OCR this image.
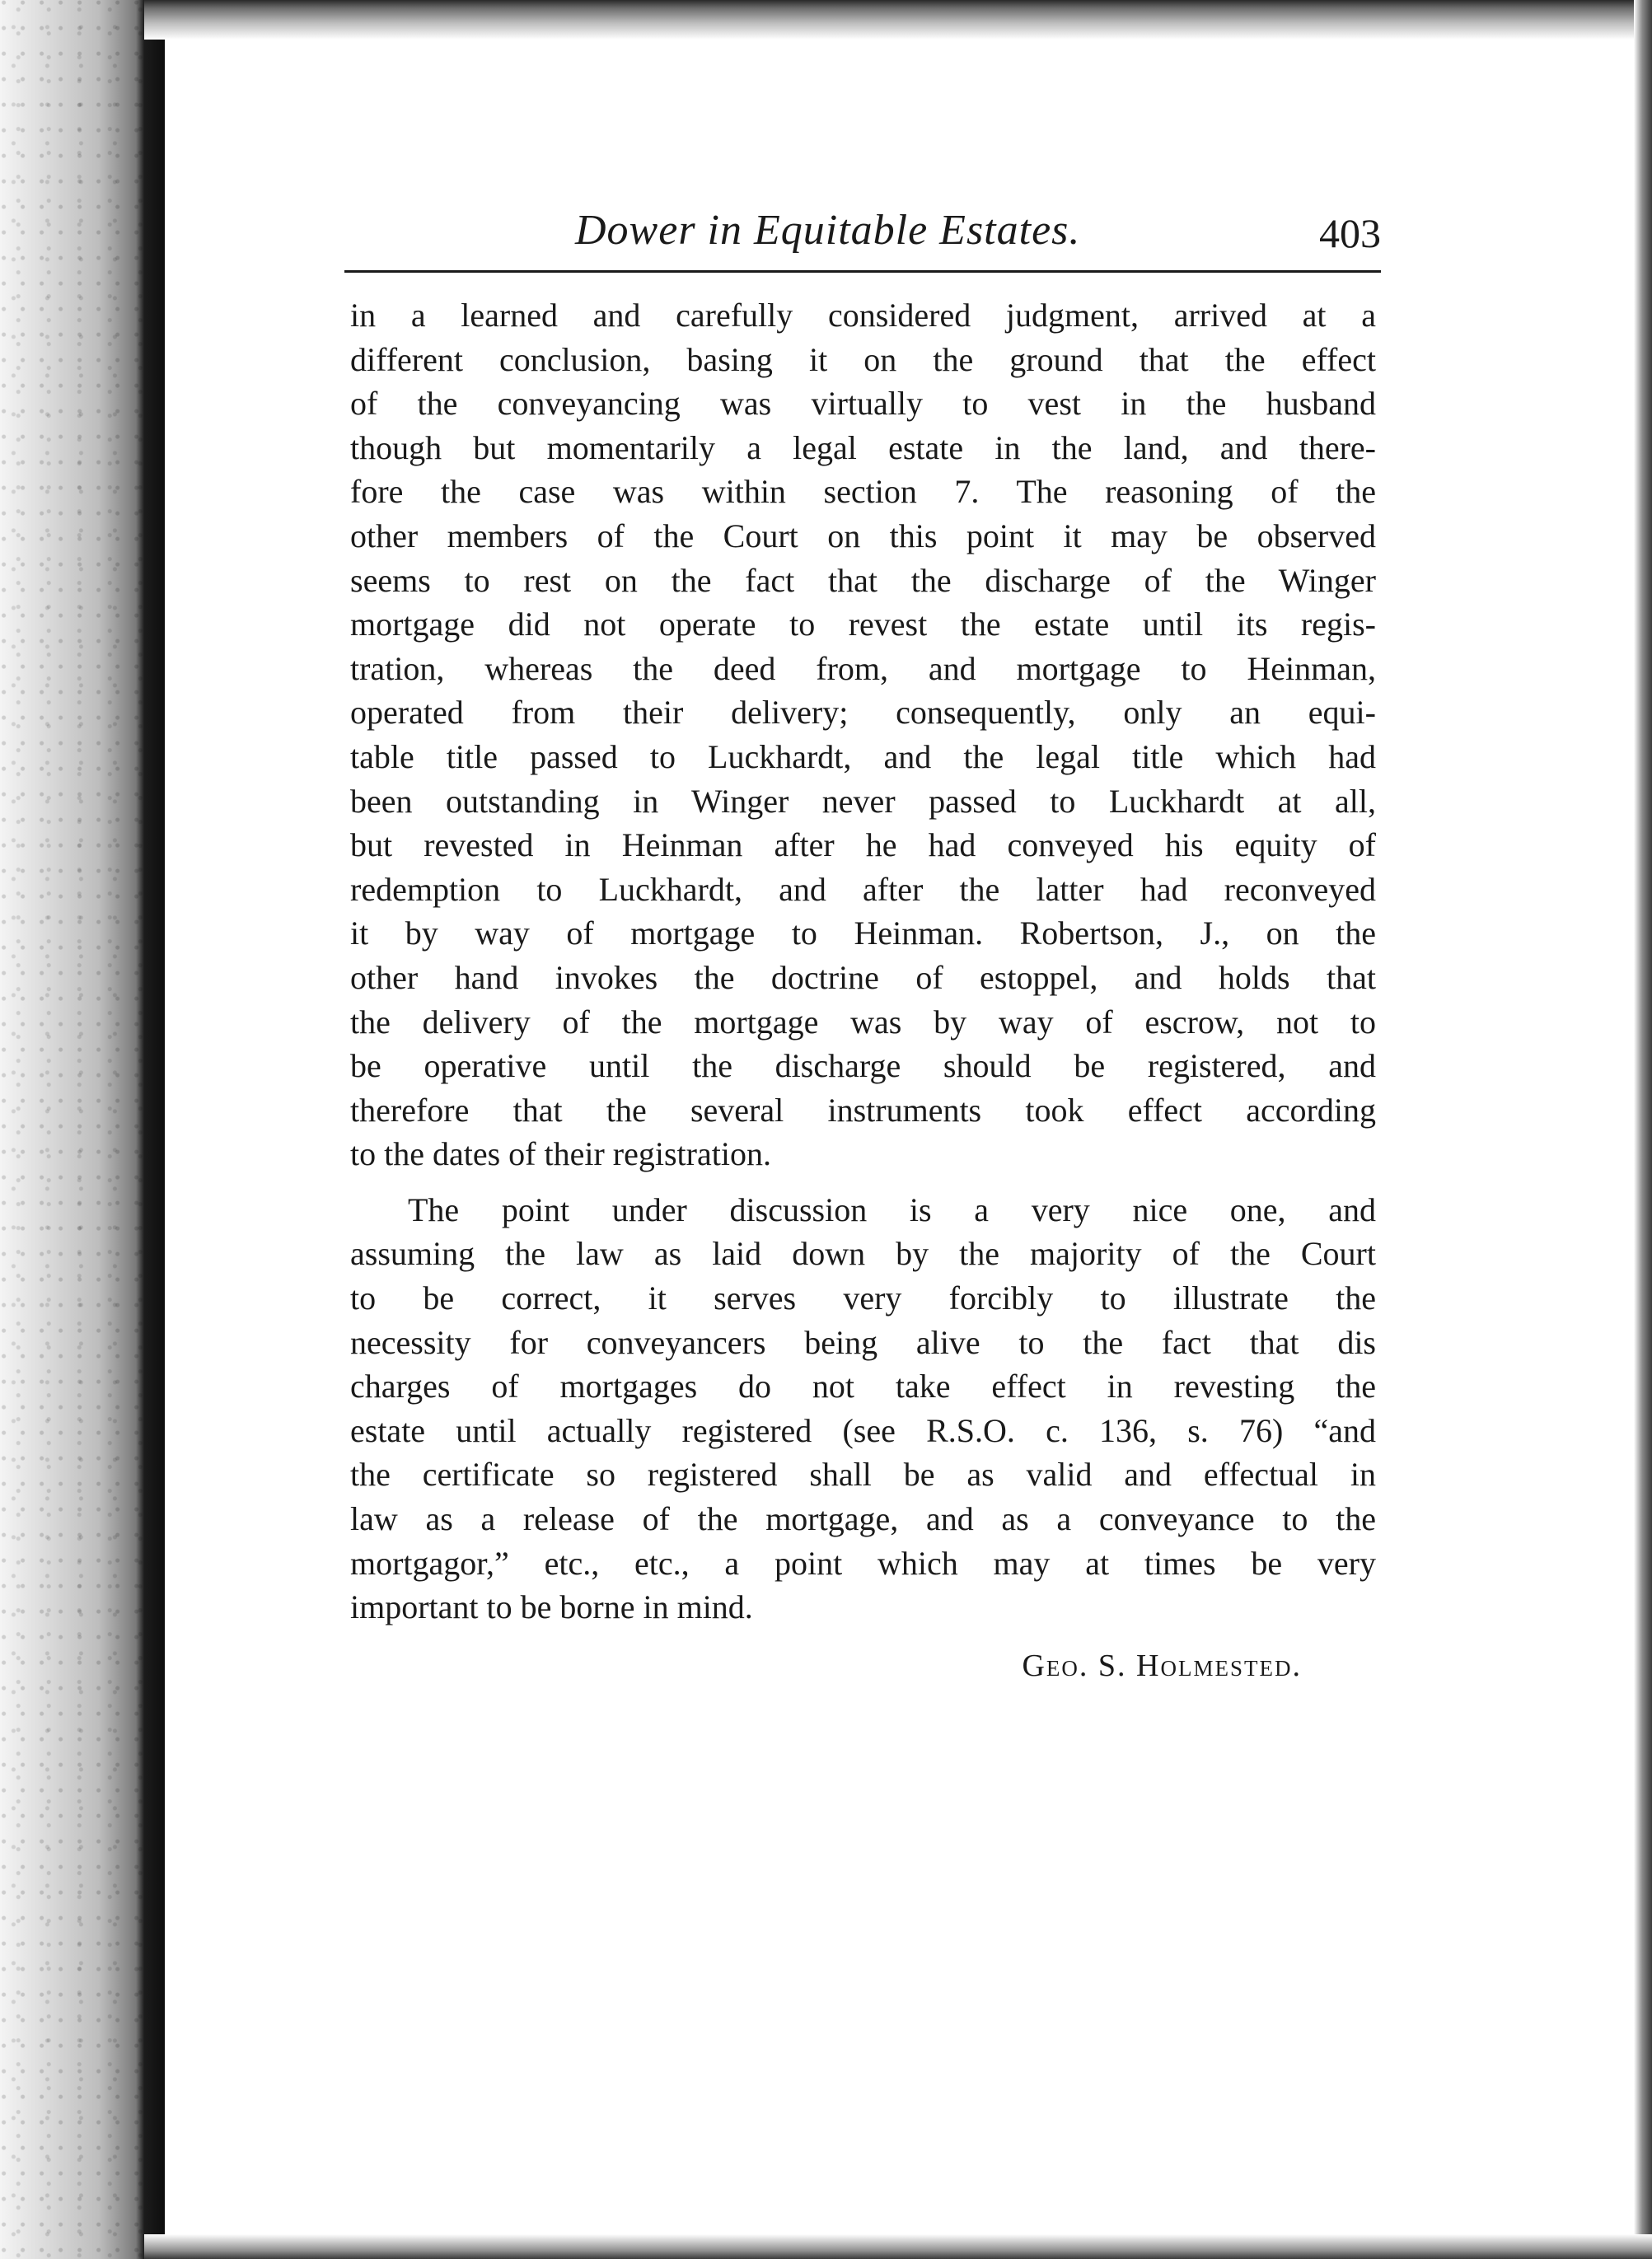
Dower in Equitable Estates.	403
in a learned and carefully considered judgment, arrived at a
different conclusion, basing it on the ground that the effect
of the conveyancing was virtually to vest in the husband
though but momentarily a legal estate in the land, and there-
fore the case was within section 7. The reasoning of the
other members of the Court on this point it may be observed
seems to rest on the fact that the discharge of the Winger
mortgage did not operate to revest the estate until its regis-
tration, whereas the deed from, and mortgage to Heinman,
operated from their delivery; consequently, only an equi-
table title passed to Luckhardt, and the legal title which had
been outstanding in Winger never passed to Luckhardt at all,
but revested in Heinman after he had conveyed his equity of
redemption to Luckhardt, and after the latter had reconveyed
it by way of mortgage to Heinman. Robertson, J., on the
other hand invokes the doctrine of estoppel, and holds that
the delivery of the mortgage was by way of escrow, not to
be operative until the discharge should be registered, and
therefore that the several instruments took effect according
to the dates of their registration.
The point under discussion is a very nice one, and
assuming the law as laid down by the majority of the Court
to be correct, it serves very forcibly to illustrate the
necessity for conveyancers being alive to the fact that dis
charges of mortgages do not take effect in revesting the
estate until actually registered (see R.S.O. c. 136, s. 76) “and
the certificate so registered shall be as valid and effectual in
law as a release of the mortgage, and as a conveyance to the
mortgagor,” etc., etc., a point which may at times be very
important to be borne in mind.
Geo. S. Holmested.
